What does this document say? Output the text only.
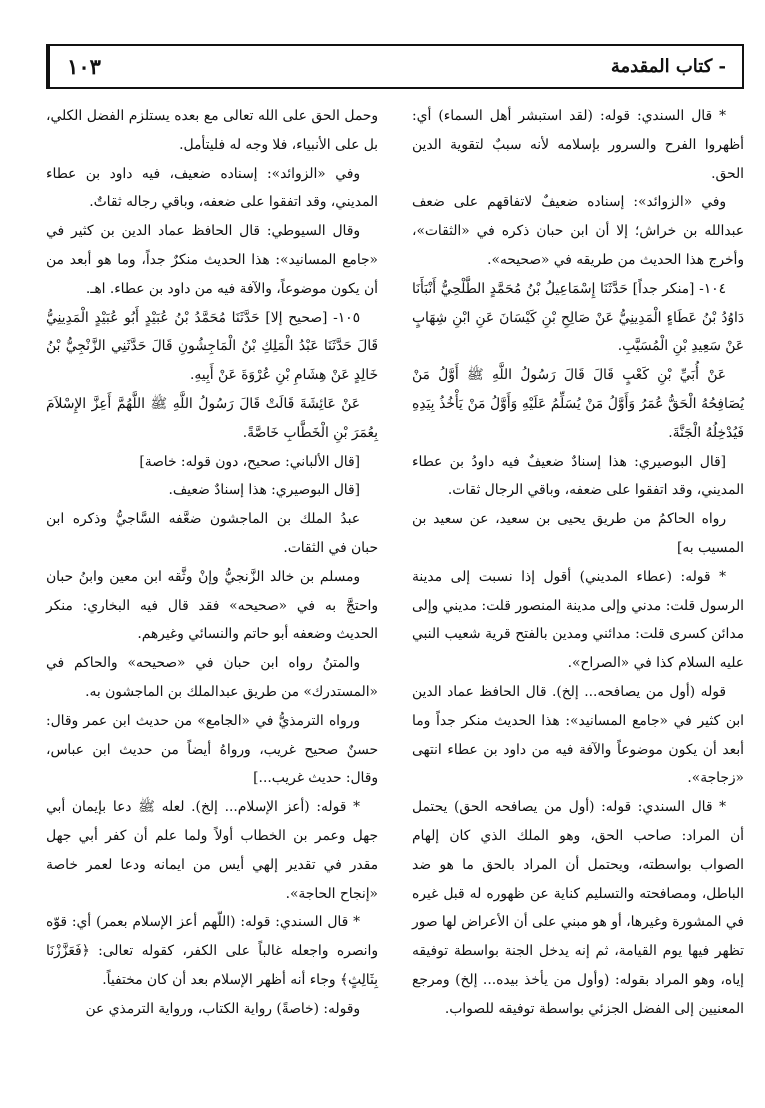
١٠٣	- كتاب المقدمة

* قال السندي: قوله: (لقد استبشر أهل السماء) أي: أظهروا الفرح والسرور بإسلامه لأنه سببٌ لتقوية الدين الحق.

وفي «الزوائد»: إسناده ضعيفٌ لاتفاقهم على ضعف عبدالله بن خراش؛ إلا أن ابن حبان ذكره في «الثقات»، وأخرج هذا الحديث من طريقه في «صحيحه».

١٠٤- [منكر جداً] حَدَّثَنَا إِسْمَاعِيلُ بْنُ مُحَمَّدٍ الطَّلْحِيُّ أَنْبَأَنَا دَاوُدُ بْنُ عَطَاءٍ الْمَدِينِيُّ عَنْ صَالِحِ بْنِ كَيْسَانَ عَنِ ابْنِ شِهَابٍ عَنْ سَعِيدِ بْنِ الْمُسَيَّبِ.

عَنْ أُبَيِّ بْنِ كَعْبٍ قَالَ قَالَ رَسُولُ اللَّهِ ﷺ أَوَّلُ مَنْ يُصَافِحُهُ الْحَقُّ عُمَرُ وَأَوَّلُ مَنْ يُسَلِّمُ عَلَيْهِ وَأَوَّلُ مَنْ يَأْخُذُ بِيَدِهِ فَيُدْخِلُهُ الْجَنَّةَ.

[قال البوصيري: هذا إسنادٌ ضعيفٌ فيه داودُ بن عطاء المديني، وقد اتفقوا على ضعفه، وباقي الرجال ثقات.

رواه الحاكمُ من طريق يحيى بن سعيد، عن سعيد بن المسيب به]

* قوله: (عطاء المديني) أقول إذا نسبت إلى مدينة الرسول قلت: مدني وإلى مدينة المنصور قلت: مديني وإلى مدائن كسرى قلت: مدائني ومدين بالفتح قرية شعيب النبي عليه السلام كذا في «الصراح».

قوله (أول من يصافحه... إلخ). قال الحافظ عماد الدين ابن كثير في «جامع المسانيد»: هذا الحديث منكر جداً وما أبعد أن يكون موضوعاً والآفة فيه من داود بن عطاء انتهى «زجاجة».

* قال السندي: قوله: (أول من يصافحه الحق) يحتمل أن المراد: صاحب الحق، وهو الملك الذي كان إلهام الصواب بواسطته، ويحتمل أن المراد بالحق ما هو ضد الباطل، ومصافحته والتسليم كناية عن ظهوره له قبل غيره في المشورة وغيرها، أو هو مبني على أن الأعراض لها صور تظهر فيها يوم القيامة، ثم إنه يدخل الجنة بواسطة توفيقه إياه، وهو المراد بقوله: (وأول من يأخذ بيده... إلخ) ومرجع المعنيين إلى الفضل الجزئي بواسطة توفيقه للصواب.

وحمل الحق على الله تعالى مع بعده يستلزم الفضل الكلي، بل على الأنبياء، فلا وجه له فليتأمل.

وفي «الزوائد»: إسناده ضعيف، فيه داود بن عطاء المديني، وقد اتفقوا على ضعفه، وباقي رجاله ثقاتٌ.

وقال السيوطي: قال الحافظ عماد الدين بن كثير في «جامع المسانيد»: هذا الحديث منكرٌ جداً، وما هو أبعد من أن يكون موضوعاً، والآفة فيه من داود بن عطاء. اهـ.

١٠٥- [صحيح إلا] حَدَّثَنَا مُحَمَّدُ بْنُ عُبَيْدٍ أَبُو عُبَيْدٍ الْمَدِينِيُّ قَالَ حَدَّثَنَا عَبْدُ الْمَلِكِ بْنُ الْمَاجِشُونِ قَالَ حَدَّثَنِي الزَّنْجِيُّ بْنُ خَالِدٍ عَنْ هِشَامِ بْنِ عُرْوَةَ عَنْ أَبِيهِ.

عَنْ عَائِشَةَ قَالَتْ قَالَ رَسُولُ اللَّهِ ﷺ اللَّهُمَّ أَعِزَّ الإِسْلاَمَ بِعُمَرَ بْنِ الْخَطَّابِ خَاصَّةً.

[قال الألباني: صحيح، دون قوله: خاصة]

[قال البوصيري: هذا إسنادٌ ضعيف.

عبدُ الملك بن الماجشون ضعَّفه السَّاجيُّ وذكره ابن حبان في الثقات.

ومسلم بن خالد الزَّنجيُّ وإنْ وثَّقه ابن معين وابنُ حبان واحتجَّ به في «صحيحه» فقد قال فيه البخاري: منكر الحديث وضعفه أبو حاتم والنسائي وغيرهم.

والمتنُ رواه ابن حبان في «صحيحه» والحاكم في «المستدرك» من طريق عبدالملك بن الماجشون به.

ورواه الترمذيُّ في «الجامع» من حديث ابن عمر وقال: حسنٌ صحيح غريب، ورواهُ أيضاً من حديث ابن عباس، وقال: حديث غريب...]

* قوله: (أعز الإسلام... إلخ). لعله ﷺ دعا بإيمان أبي جهل وعمر بن الخطاب أولاً ولما علم أن كفر أبي جهل مقدر في تقدير إلهي أيس من ايمانه ودعا لعمر خاصة «إنجاح الحاجة».

* قال السندي: قوله: (اللّهم أعز الإسلام بعمر) أي: قوّه وانصره واجعله غالباً على الكفر، كقوله تعالى: ﴿فَعَزَّزْنَا بِثَالِثٍ﴾ وجاء أنه أظهر الإسلام بعد أن كان مختفياً.

وقوله: (خاصةً) رواية الكتاب، ورواية الترمذي عن
